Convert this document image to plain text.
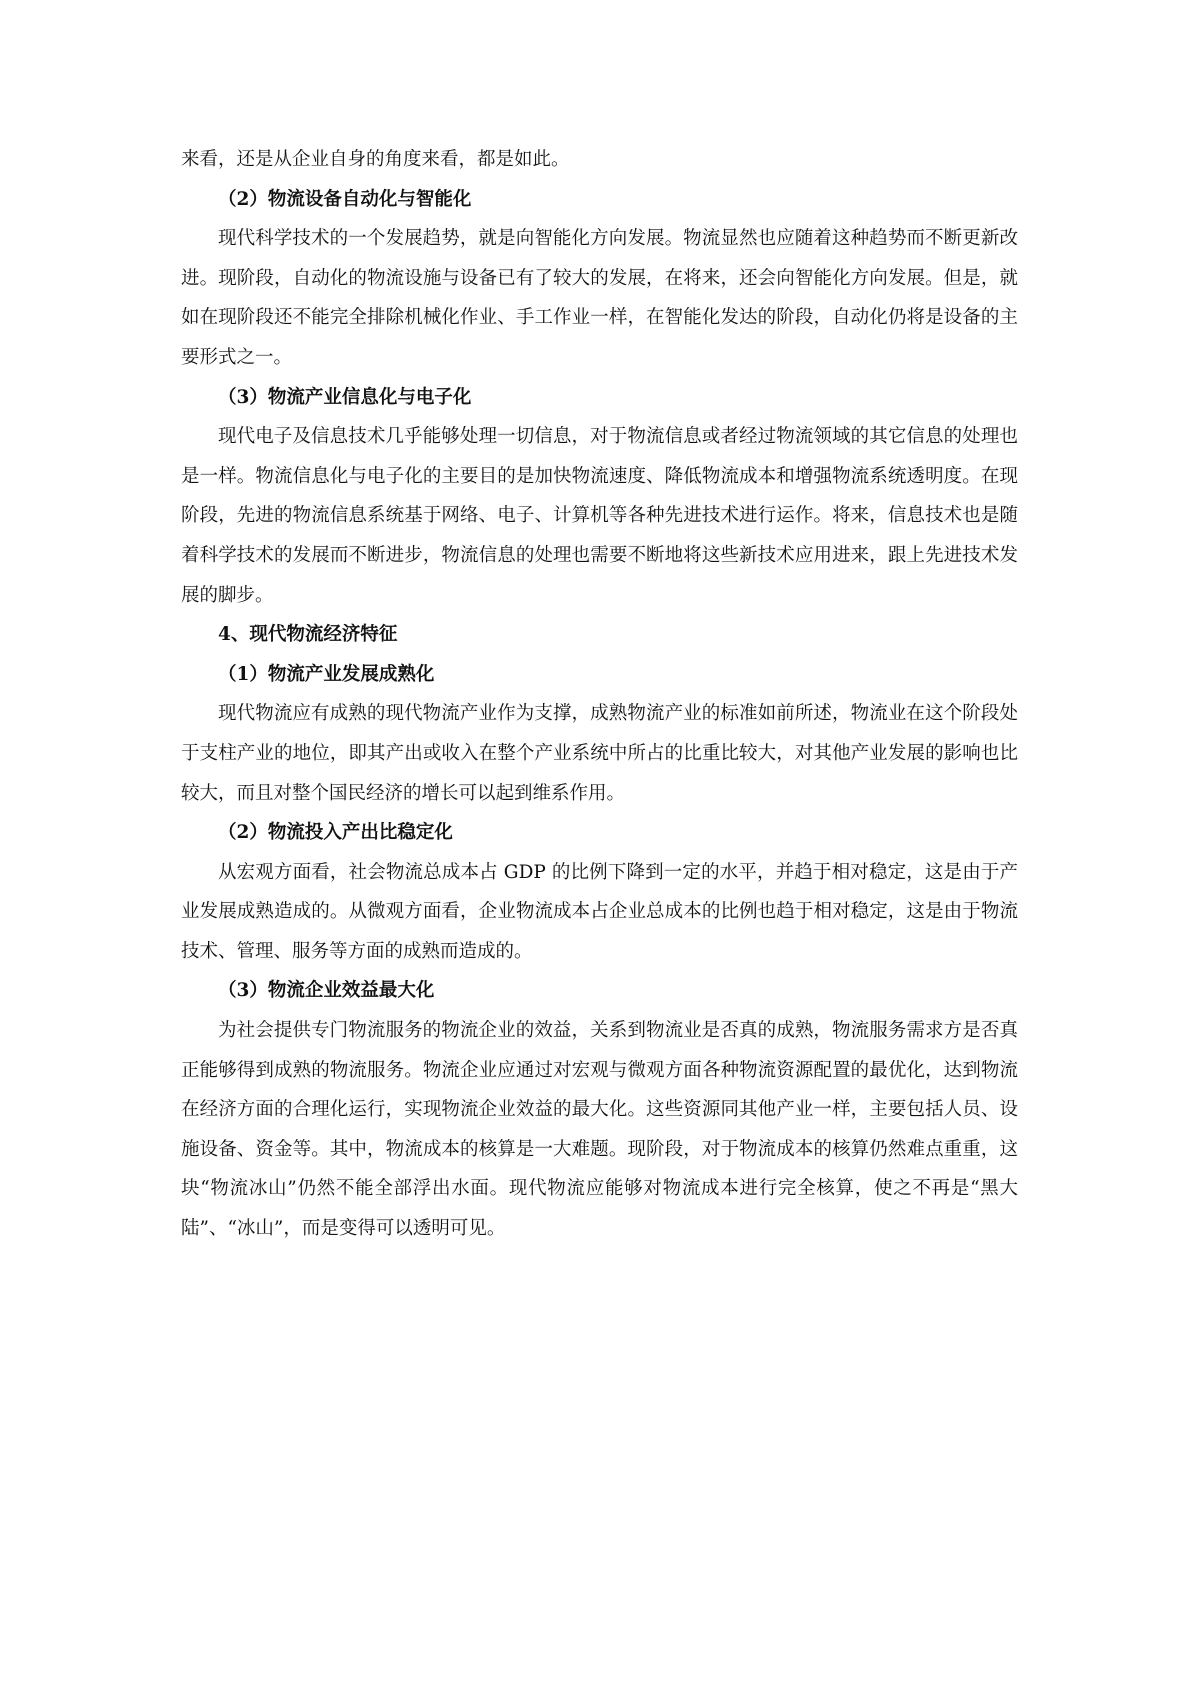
来看，还是从企业自身的角度来看，都是如此。

（2）物流设备自动化与智能化

现代科学技术的一个发展趋势，就是向智能化方向发展。物流显然也应随着这种趋势而不断更新改进。现阶段，自动化的物流设施与设备已有了较大的发展，在将来，还会向智能化方向发展。但是，就如在现阶段还不能完全排除机械化作业、手工作业一样，在智能化发达的阶段，自动化仍将是设备的主要形式之一。

（3）物流产业信息化与电子化

现代电子及信息技术几乎能够处理一切信息，对于物流信息或者经过物流领域的其它信息的处理也是一样。物流信息化与电子化的主要目的是加快物流速度、降低物流成本和增强物流系统透明度。在现阶段，先进的物流信息系统基于网络、电子、计算机等各种先进技术进行运作。将来，信息技术也是随着科学技术的发展而不断进步，物流信息的处理也需要不断地将这些新技术应用进来，跟上先进技术发展的脚步。

4、现代物流经济特征

（1）物流产业发展成熟化

现代物流应有成熟的现代物流产业作为支撑，成熟物流产业的标准如前所述，物流业在这个阶段处于支柱产业的地位，即其产出或收入在整个产业系统中所占的比重比较大，对其他产业发展的影响也比较大，而且对整个国民经济的增长可以起到维系作用。

（2）物流投入产出比稳定化

从宏观方面看，社会物流总成本占 GDP 的比例下降到一定的水平，并趋于相对稳定，这是由于产业发展成熟造成的。从微观方面看，企业物流成本占企业总成本的比例也趋于相对稳定，这是由于物流技术、管理、服务等方面的成熟而造成的。

（3）物流企业效益最大化

为社会提供专门物流服务的物流企业的效益，关系到物流业是否真的成熟，物流服务需求方是否真正能够得到成熟的物流服务。物流企业应通过对宏观与微观方面各种物流资源配置的最优化，达到物流在经济方面的合理化运行，实现物流企业效益的最大化。这些资源同其他产业一样，主要包括人员、设施设备、资金等。其中，物流成本的核算是一大难题。现阶段，对于物流成本的核算仍然难点重重，这块“物流冰山”仍然不能全部浮出水面。现代物流应能够对物流成本进行完全核算，使之不再是“黑大陆”、“冰山”，而是变得可以透明可见。
